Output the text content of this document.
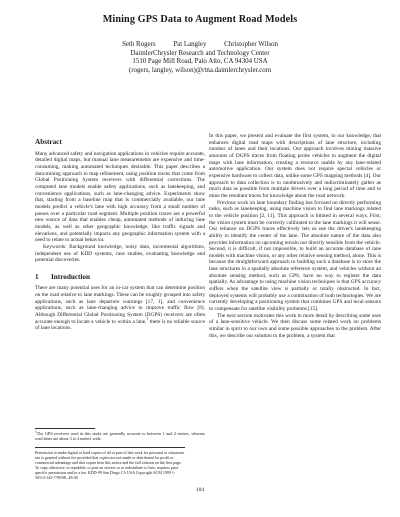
Mining GPS Data to Augment Road Models
Seth Rogers	Pat Langley	Christopher Wilson
DaimlerChrysler Research and Technology Center
1510 Page Mill Road, Palo Alto, CA 94304 USA
(rogers, langley, wilson)@rtna.daimlerchrysler.com
Abstract

Many advanced safety and navigation applications in vehicles require accurate, detailed digital maps, but manual lane measurements are expensive and time-consuming, making automated techniques desirable. This paper describes a data-mining approach to map refinement, using position traces that come from Global Positioning System receivers with differential corrections. The computed lane models enable safety applications, such as lanekeeping, and convenience applications, such as lane-changing advice. Experiments show that, starting from a baseline map that is commercially available, our lane models predict a vehicle's lane with high accuracy from a small number of passes over a particular road segment. Multiple position traces are a powerful new source of data that enables cheap, automated methods of inducing lane models, as well as other geographic knowledge, like traffic signals and elevations, and potentially impacts any geographic information system with a need to relate to actual behavior.

Keywords: Background knowledge, noisy data, incremental algorithms, independent use of KDD systems, case studies, evaluating knowledge and potential discoveries.

1 Introduction

There are many potential uses for an in-car system that can determine position on the road relative to lane markings. These can be roughly grouped into safety applications, such as lane departure warnings [17, 1], and convenience applications, such as lane-changing advice to improve traffic flow [8]. Although Differential Global Positioning System (DGPS) receivers are often accurate enough to locate a vehicle to within a lane,$^1$ there is no reliable source of lane locations.

$^1$The GPS receivers used in this study are generally accurate to between 1 and 2 meters, whereas road lanes are about 3 to 4 meters wide.
Permission to make digital or hard copies of all or part of this work for personal or classroom use is granted without fee provided that copies are not made or distributed for profit or commercial advantage and that copies bear this notice and the full citation on the first page. To copy otherwise, to republish, to post on servers or to redistribute to lists, requires prior specific permission and/or a fee. KDD-99 San Diego CA USA Copyright ACM 1999 1-58113-143-7/99/08...$5.00

In this paper, we present and evaluate the first system, to our knowledge, that enhances digital road maps with descriptions of lane structure, including number of lanes and their locations. Our approach involves mining massive amounts of DGPS traces from floating probe vehicles to augment the digital maps with lane information, creating a resource usable by any lane-related automotive application. Our system does not require special vehicles or expensive hardware to collect data, unlike some GPS mapping methods [4]. Our approach to data collection is to unobtrusively and indiscriminately gather as much data as possible from multiple drivers over a long period of time and to mine the resultant traces for knowledge about the road network.

Previous work on lane boundary finding has focused on directly performing tasks, such as lanekeeping, using machine vision to find lane markings related to the vehicle position [2, 11]. This approach is limited in several ways. First, the vision system must be correctly calibrated to the lane markings it will sense. Our reliance on DGPS traces effectively lets us use the driver's lanekeeping ability to identify the center of the lane. The absolute nature of the data also provides information on upcoming terrain not directly sensible from the vehicle. Second, it is difficult, if not impossible, to build an accurate database of lane models with machine vision, or any other relative sensing method, alone. This is because the straightforward approach to building such a database is to store the lane structures in a spatially absolute reference system, and vehicles without an absolute sensing method, such as GPS, have no way to register the data spatially. As advantage to using machine vision techniques is that GPS accuracy suffers when the satellite view is partially or totally obstructed. In fact, deployed systems will probably use a combination of both technologies. We are currently developing a positioning system that combines GPS and local sensors to compensate for satellite visibility problems [15].

The next section motivates this work in more detail by describing some uses of a lane-sensitive vehicle. We then discuss some related work on problems similar in spirit to our own and some possible approaches to the problem. After this, we describe our solution to the problem, a system that

104
